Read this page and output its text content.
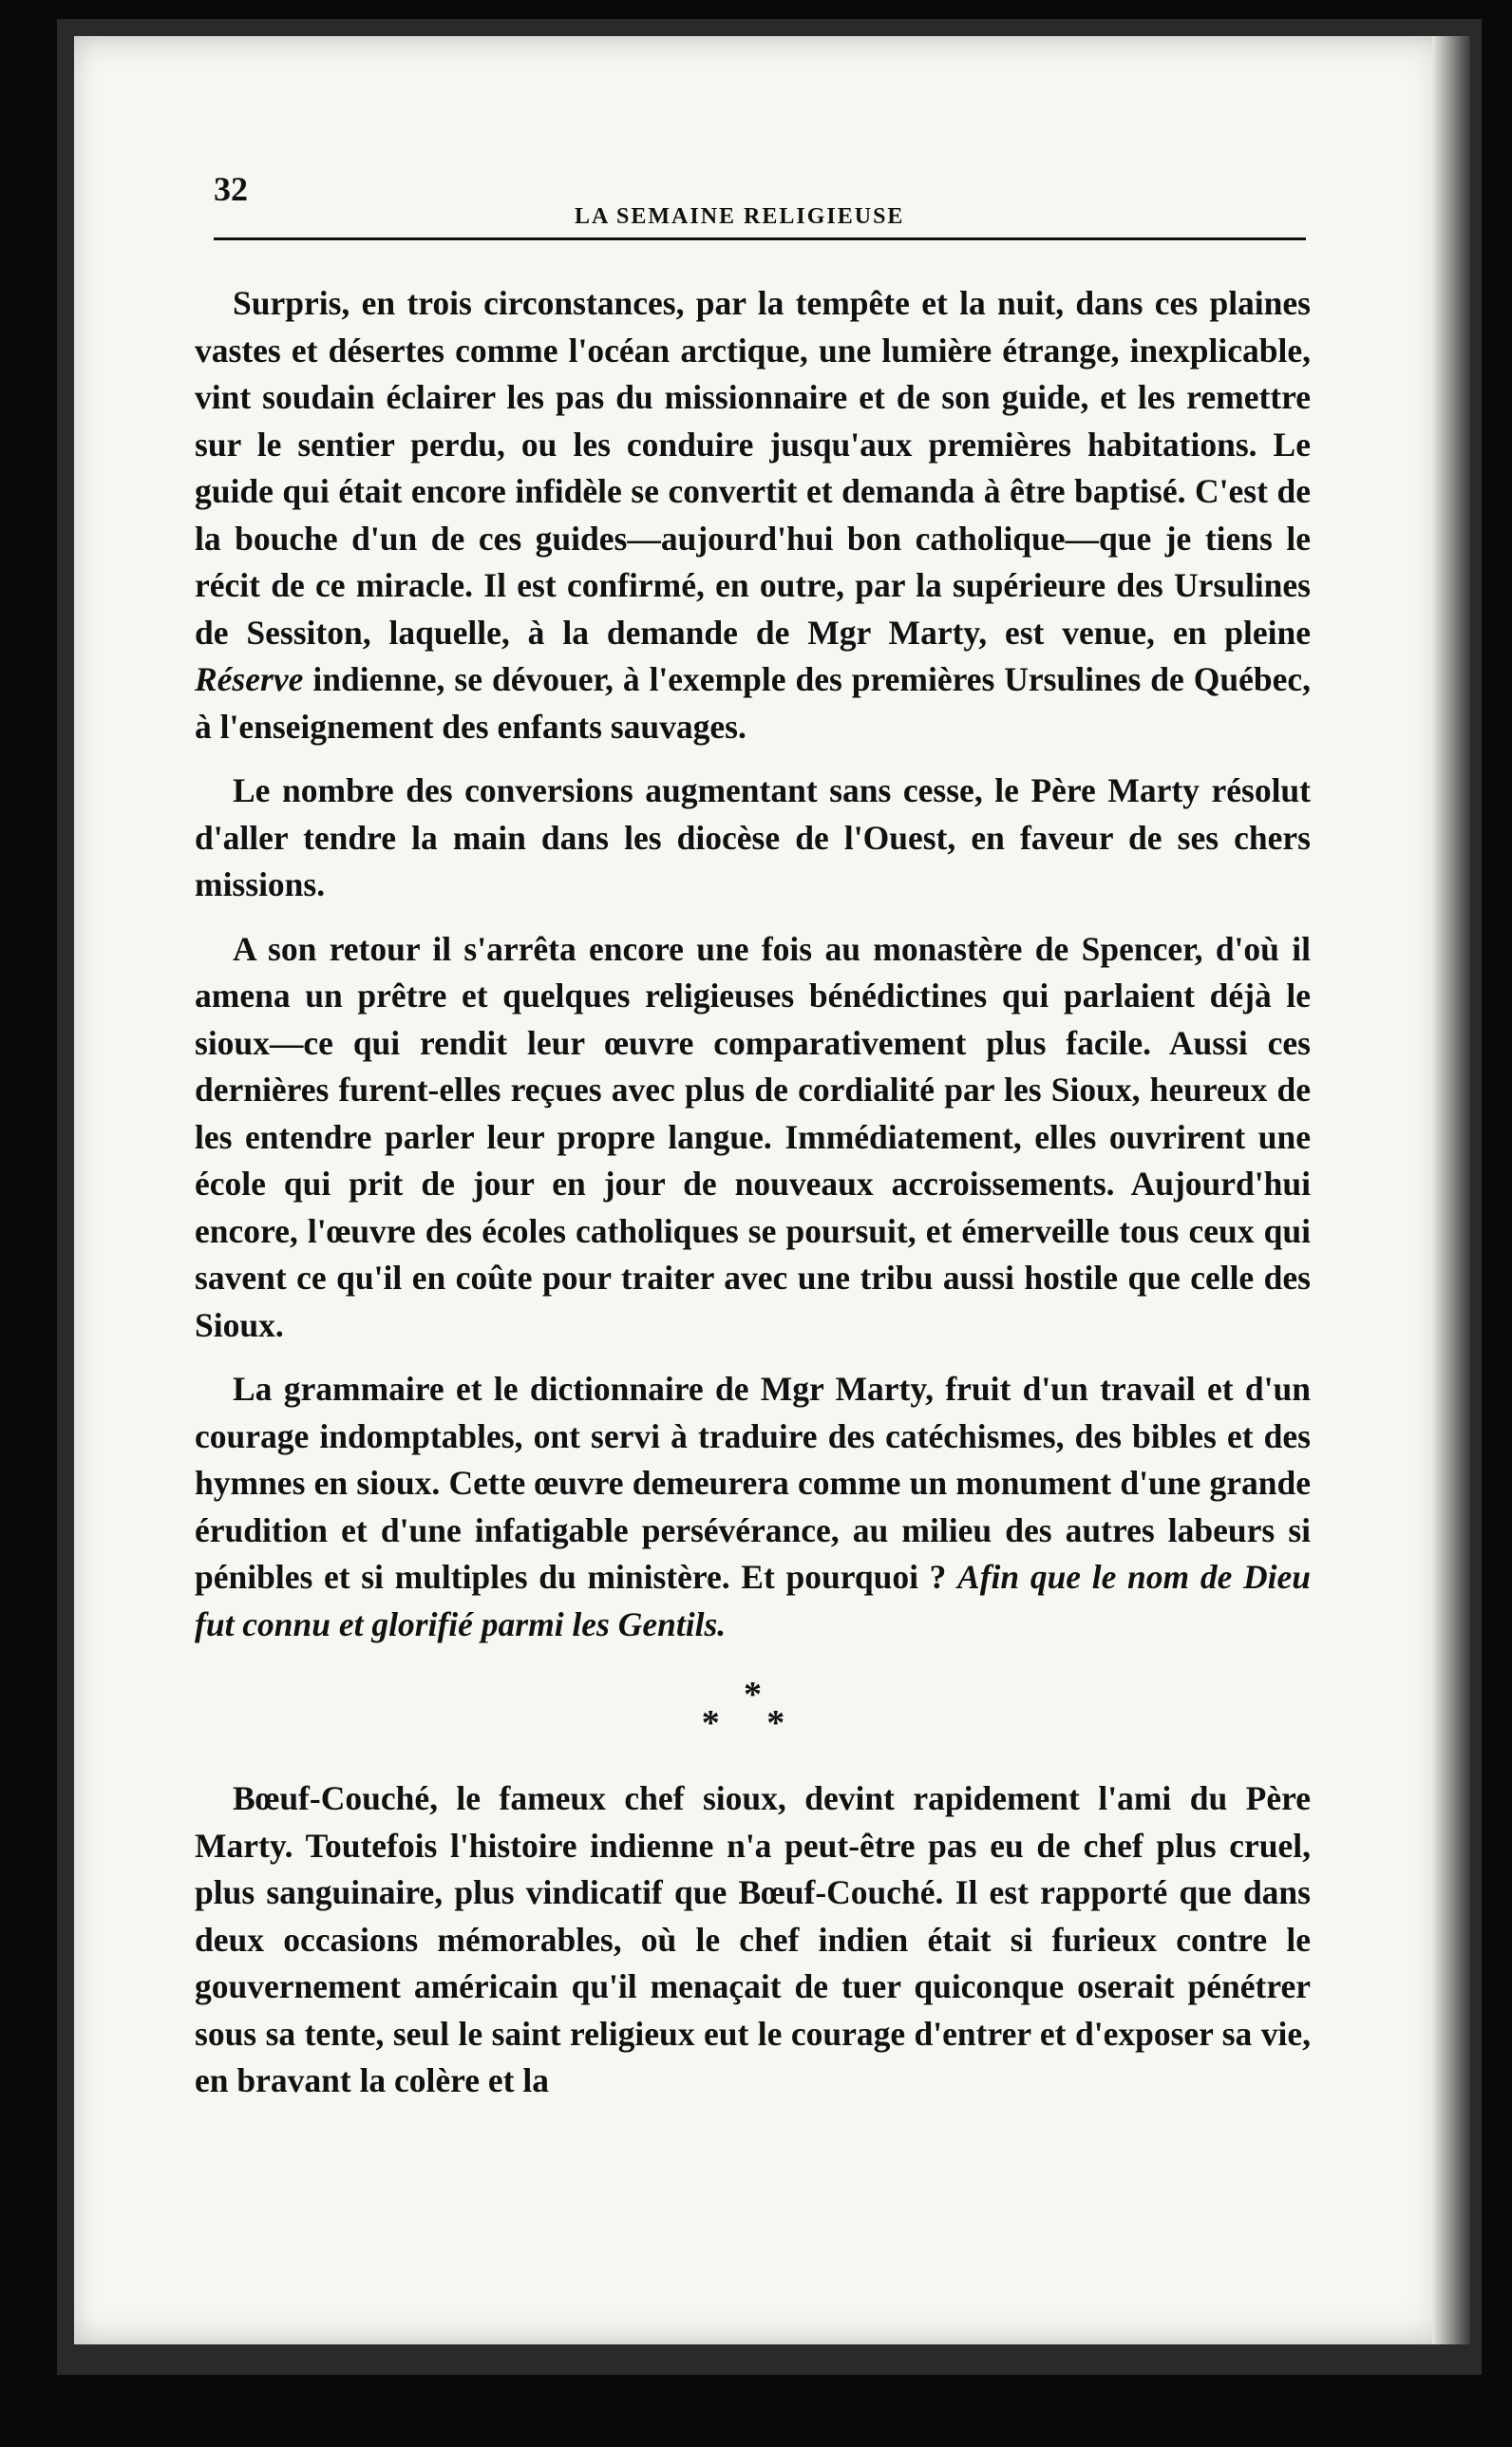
32
LA SEMAINE RELIGIEUSE

Surpris, en trois circonstances, par la tempête et la nuit, dans ces plaines vastes et désertes comme l'océan arctique, une lumière étrange, inexplicable, vint soudain éclairer les pas du missionnaire et de son guide, et les remettre sur le sentier perdu, ou les conduire jusqu'aux premières habitations. Le guide qui était encore infidèle se convertit et demanda à être baptisé. C'est de la bouche d'un de ces guides—aujourd'hui bon catholique—que je tiens le récit de ce miracle. Il est confirmé, en outre, par la supérieure des Ursulines de Sessiton, laquelle, à la demande de Mgr Marty, est venue, en pleine Réserve indienne, se dévouer, à l'exemple des premières Ursulines de Québec, à l'enseignement des enfants sauvages.

Le nombre des conversions augmentant sans cesse, le Père Marty résolut d'aller tendre la main dans les diocèse de l'Ouest, en faveur de ses chers missions.

A son retour il s'arrêta encore une fois au monastère de Spencer, d'où il amena un prêtre et quelques religieuses bénédictines qui parlaient déjà le sioux—ce qui rendit leur œuvre comparativement plus facile. Aussi ces dernières furent-elles reçues avec plus de cordialité par les Sioux, heureux de les entendre parler leur propre langue. Immédiatement, elles ouvrirent une école qui prit de jour en jour de nouveaux accroissements. Aujourd'hui encore, l'œuvre des écoles catholiques se poursuit, et émerveille tous ceux qui savent ce qu'il en coûte pour traiter avec une tribu aussi hostile que celle des Sioux.

La grammaire et le dictionnaire de Mgr Marty, fruit d'un travail et d'un courage indomptables, ont servi à traduire des catéchismes, des bibles et des hymnes en sioux. Cette œuvre demeurera comme un monument d'une grande érudition et d'une infatigable persévérance, au milieu des autres labeurs si pénibles et si multiples du ministère. Et pourquoi ? Afin que le nom de Dieu fut connu et glorifié parmi les Gentils.

*
* *

Bœuf-Couché, le fameux chef sioux, devint rapidement l'ami du Père Marty. Toutefois l'histoire indienne n'a peut-être pas eu de chef plus cruel, plus sanguinaire, plus vindicatif que Bœuf-Couché. Il est rapporté que dans deux occasions mémorables, où le chef indien était si furieux contre le gouvernement américain qu'il menaçait de tuer quiconque oserait pénétrer sous sa tente, seul le saint religieux eut le courage d'entrer et d'exposer sa vie, en bravant la colère et la
